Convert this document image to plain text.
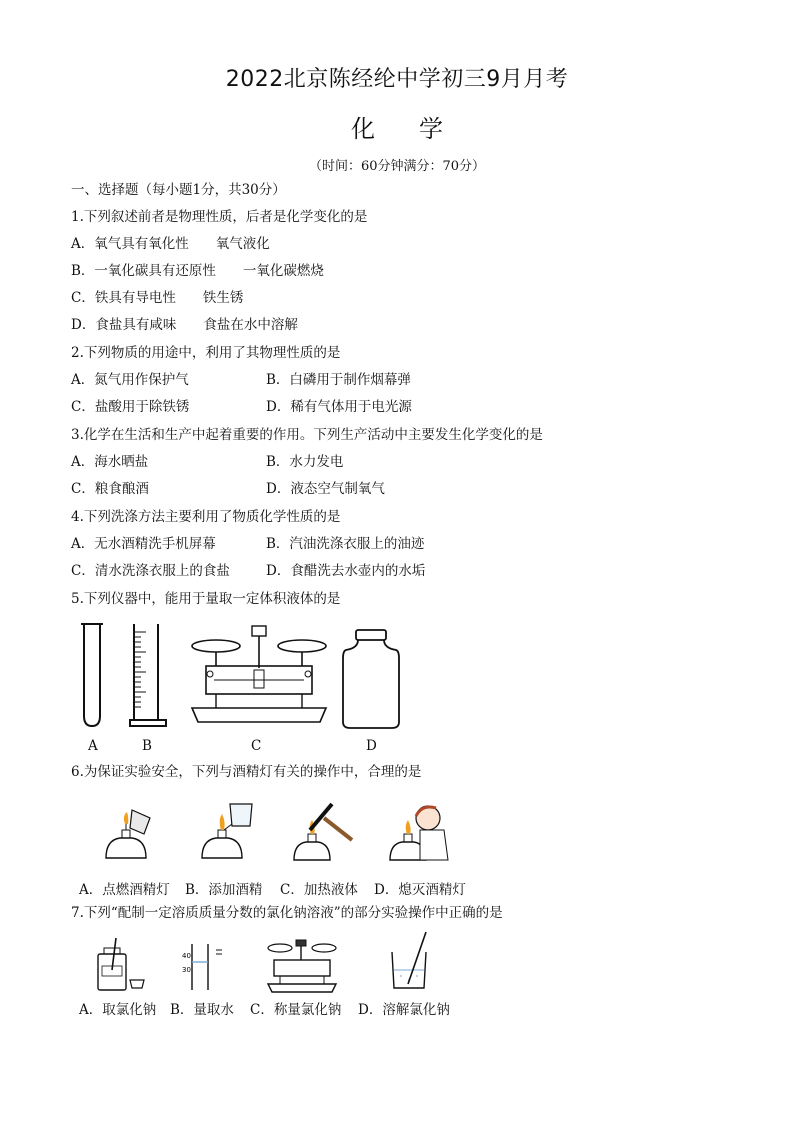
2022北京陈经纶中学初三9月月考
化学
（时间：60分钟满分：70分）
一、选择题（每小题1分，共30分）
1.下列叙述前者是物理性质，后者是化学变化的是
A．氧气具有氧化性　　氧气液化
B．一氧化碳具有还原性　　一氧化碳燃烧
C．铁具有导电性　　铁生锈
D．食盐具有咸味　　食盐在水中溶解
2.下列物质的用途中，利用了其物理性质的是
A．氮气用作保护气	B．白磷用于制作烟幕弹
C．盐酸用于除铁锈	D．稀有气体用于电光源
3.化学在生活和生产中起着重要的作用。下列生产活动中主要发生化学变化的是
A．海水晒盐	B．水力发电
C．粮食酿酒	D．液态空气制氧气
4.下列洗涤方法主要利用了物质化学性质的是
A．无水酒精洗手机屏幕	B．汽油洗涤衣服上的油迹
C．清水洗涤衣服上的食盐	D．食醋洗去水壶内的水垢
5.下列仪器中，能用于量取一定体积液体的是
A	B	C	D
6.为保证实验安全，下列与酒精灯有关的操作中，合理的是
A．点燃酒精灯 B．添加酒精 C．加热液体 D．熄灭酒精灯
7.下列“配制一定溶质质量分数的氯化钠溶液”的部分实验操作中正确的是
40
30
A．取氯化钠 B．量取水 C．称量氯化钠 D．溶解氯化钠
